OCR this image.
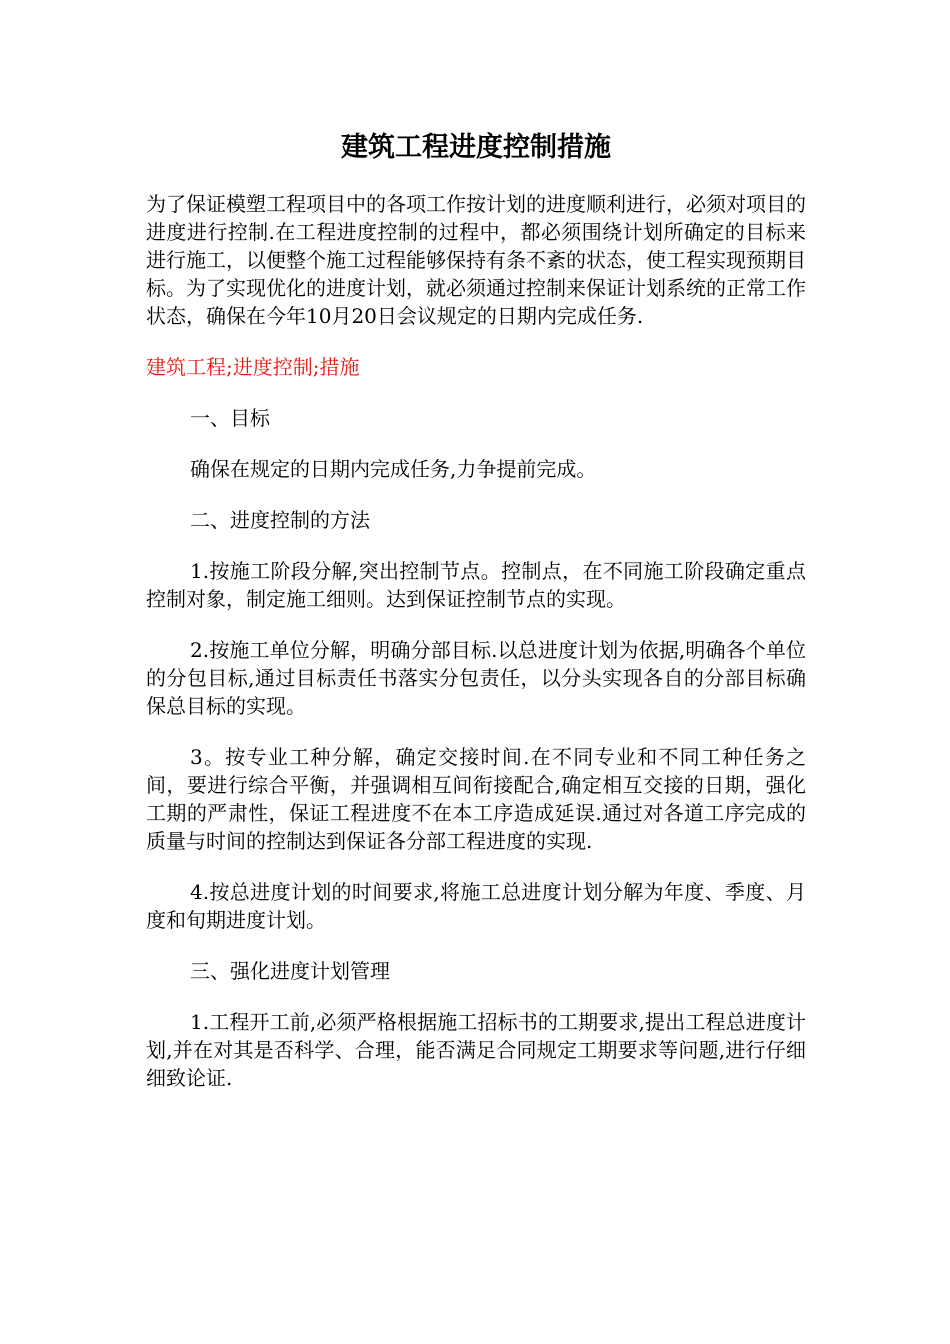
建筑工程进度控制措施

为了保证模塑工程项目中的各项工作按计划的进度顺利进行，必须对项目的进度进行控制.在工程进度控制的过程中，都必须围绕计划所确定的目标来进行施工，以便整个施工过程能够保持有条不紊的状态，使工程实现预期目标。为了实现优化的进度计划，就必须通过控制来保证计划系统的正常工作状态，确保在今年10月20日会议规定的日期内完成任务.

建筑工程;进度控制;措施

一、目标

确保在规定的日期内完成任务,力争提前完成。

二、进度控制的方法

1.按施工阶段分解,突出控制节点。控制点，在不同施工阶段确定重点控制对象，制定施工细则。达到保证控制节点的实现。

2.按施工单位分解，明确分部目标.以总进度计划为依据,明确各个单位的分包目标,通过目标责任书落实分包责任，以分头实现各自的分部目标确保总目标的实现。

3。按专业工种分解，确定交接时间.在不同专业和不同工种任务之间，要进行综合平衡，并强调相互间衔接配合,确定相互交接的日期，强化工期的严肃性，保证工程进度不在本工序造成延误.通过对各道工序完成的质量与时间的控制达到保证各分部工程进度的实现.

4.按总进度计划的时间要求,将施工总进度计划分解为年度、季度、月度和旬期进度计划。

三、强化进度计划管理

1.工程开工前,必须严格根据施工招标书的工期要求,提出工程总进度计划,并在对其是否科学、合理，能否满足合同规定工期要求等问题,进行仔细细致论证.
